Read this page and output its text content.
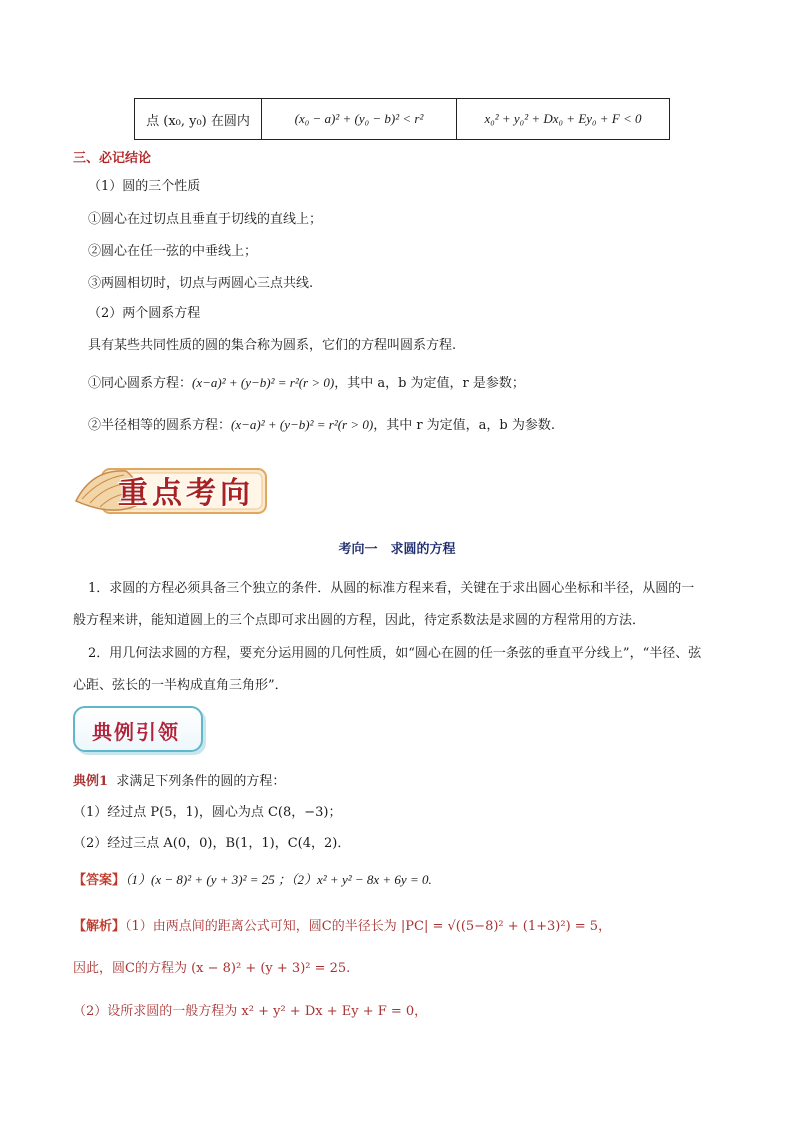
点 (x₀, y₀) 在圆内	(x₀ − a)² + (y₀ − b)² < r²	x₀² + y₀² + Dx₀ + Ey₀ + F < 0
三、必记结论
（1）圆的三个性质
①圆心在过切点且垂直于切线的直线上；
②圆心在任一弦的中垂线上；
③两圆相切时，切点与两圆心三点共线.
（2）两个圆系方程
具有某些共同性质的圆的集合称为圆系，它们的方程叫圆系方程.
①同心圆系方程：(x−a)² + (y−b)² = r²(r > 0)，其中 a，b 为定值，r 是参数；
②半径相等的圆系方程：(x−a)² + (y−b)² = r²(r > 0)，其中 r 为定值，a，b 为参数.
重点考向
考向一　求圆的方程
1．求圆的方程必须具备三个独立的条件．从圆的标准方程来看，关键在于求出圆心坐标和半径，从圆的一
般方程来讲，能知道圆上的三个点即可求出圆的方程，因此，待定系数法是求圆的方程常用的方法．
2．用几何法求圆的方程，要充分运用圆的几何性质，如“圆心在圆的任一条弦的垂直平分线上”，“半径、弦
心距、弦长的一半构成直角三角形”．
典例引领
典例1 求满足下列条件的圆的方程：
（1）经过点 P(5，1)，圆心为点 C(8，−3)；
（2）经过三点 A(0，0)，B(1，1)，C(4，2)．
【答案】（1）(x − 8)² + (y + 3)² = 25 ；（2）x² + y² − 8x + 6y = 0.
【解析】（1）由两点间的距离公式可知，圆C的半径长为 |PC| = √((5−8)² + (1+3)²) = 5，
因此，圆C的方程为 (x − 8)² + (y + 3)² = 25.
（2）设所求圆的一般方程为 x² + y² + Dx + Ey + F = 0，
